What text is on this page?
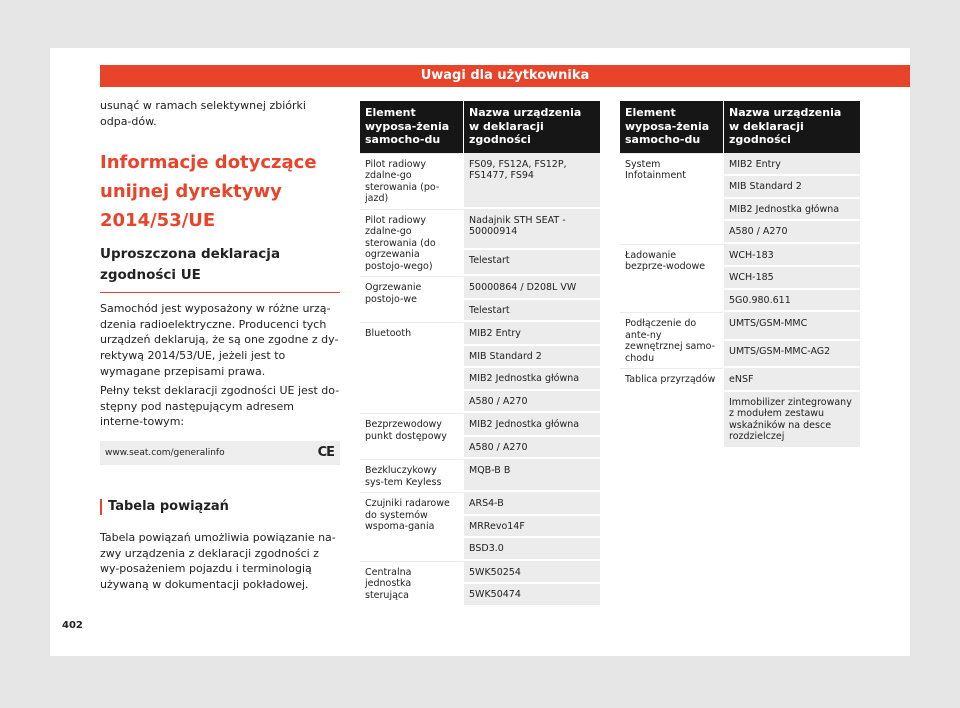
Uwagi dla użytkownika

usunąć w ramach selektywnej zbiórki odpa-dów.

Informacje dotyczące unijnej dyrektywy 2014/53/UE
Uproszczona deklaracja zgodności UE

Samochód jest wyposażony w różne urzą-dzenia radioelektryczne. Producenci tych urządzeń deklarują, że są one zgodne z dy-rektywą 2014/53/UE, jeżeli jest to wymagane przepisami prawa.

Pełny tekst deklaracji zgodności UE jest do-stępny pod następującym adresem interne-towym:

www.seat.com/generalinfo	CE
Tabela powiązań

Tabela powiązań umożliwia powiązanie na-zwy urządzenia z deklaracji zgodności z wy-posażeniem pojazdu i terminologią używaną w dokumentacji pokładowej.

Element wyposa-żenia samocho-du	Nazwa urządzenia w deklaracji zgodności
Pilot radiowy zdalne-go sterowania (po-jazd)	FS09, FS12A, FS12P, FS1477, FS94
Pilot radiowy zdalne-go sterowania (do ogrzewania postojo-wego)	Nadajnik STH SEAT - 50000914
	Telestart
Ogrzewanie postojo-we	50000864 / D208L VW
	Telestart
Bluetooth	MIB2 Entry
	MIB Standard 2
	MIB2 Jednostka główna
	A580 / A270
Bezprzewodowy punkt dostępowy	MIB2 Jednostka główna
	A580 / A270
Bezkluczykowy sys-tem Keyless	MQB-B B
Czujniki radarowe do systemów wspoma-gania	ARS4-B
	MRRevo14F
	BSD3.0
Centralna jednostka sterująca	5WK50254
	5WK50474
Element wyposa-żenia samocho-du	Nazwa urządzenia w deklaracji zgodności
System Infotainment	MIB2 Entry
	MIB Standard 2
	MIB2 Jednostka główna
	A580 / A270
Ładowanie bezprze-wodowe	WCH-183
	WCH-185
	5G0.980.611
Podłączenie do ante-ny zewnętrznej samo-chodu	UMTS/GSM-MMC
	UMTS/GSM-MMC-AG2
Tablica przyrządów	eNSF
	Immobilizer zintegrowany z modułem zestawu wskaźników na desce rozdzielczej
402
